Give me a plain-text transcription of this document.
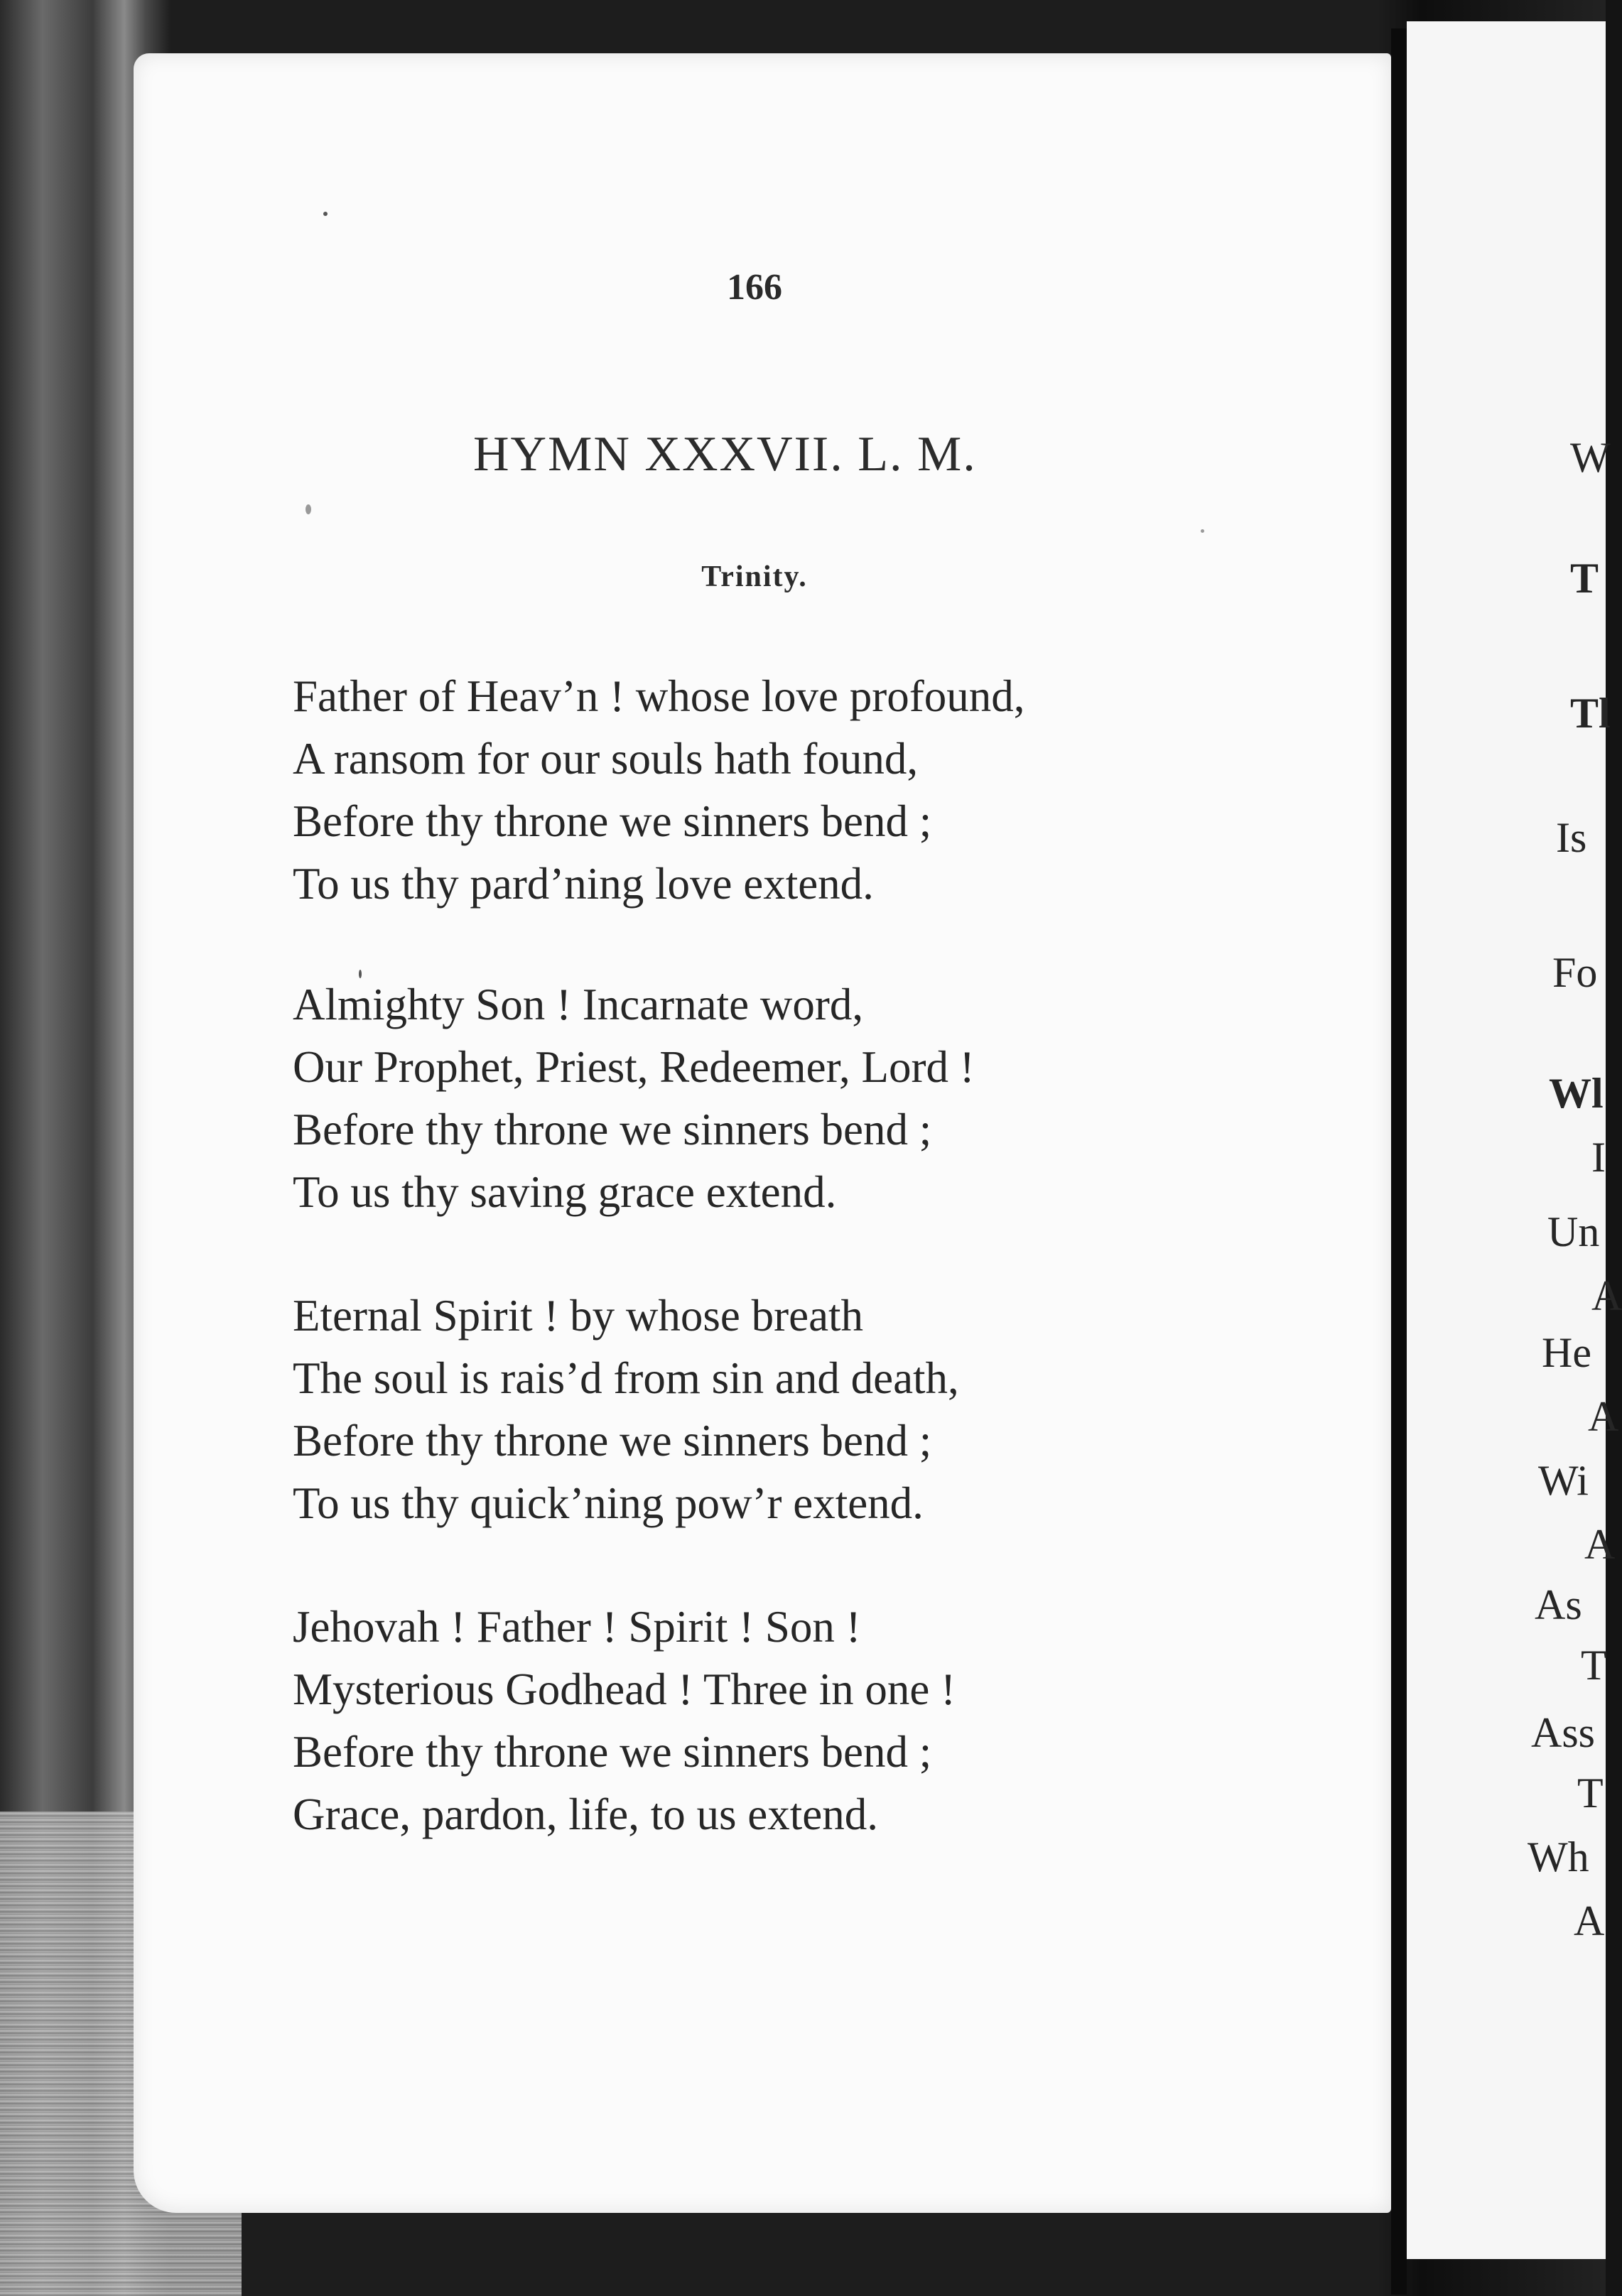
166
HYMN XXXVII. L. M.
Trinity.
Father of Heav’n ! whose love profound,
A ransom for our souls hath found,
Before thy throne we sinners bend ;
To us thy pard’ning love extend.
Almighty Son ! Incarnate word,
Our Prophet, Priest, Redeemer, Lord !
Before thy throne we sinners bend ;
To us thy saving grace extend.
Eternal Spirit ! by whose breath
The soul is rais’d from sin and death,
Before thy throne we sinners bend ;
To us thy quick’ning pow’r extend.
Jehovah ! Father ! Spirit ! Son !
Mysterious Godhead ! Three in one !
Before thy throne we sinners bend ;
Grace, pardon, life, to us extend.
W
T
Tl
Is
Fo
Wl
I
Un
A
He
A
Wi
A
As
T
Ass
T
Wh
A
